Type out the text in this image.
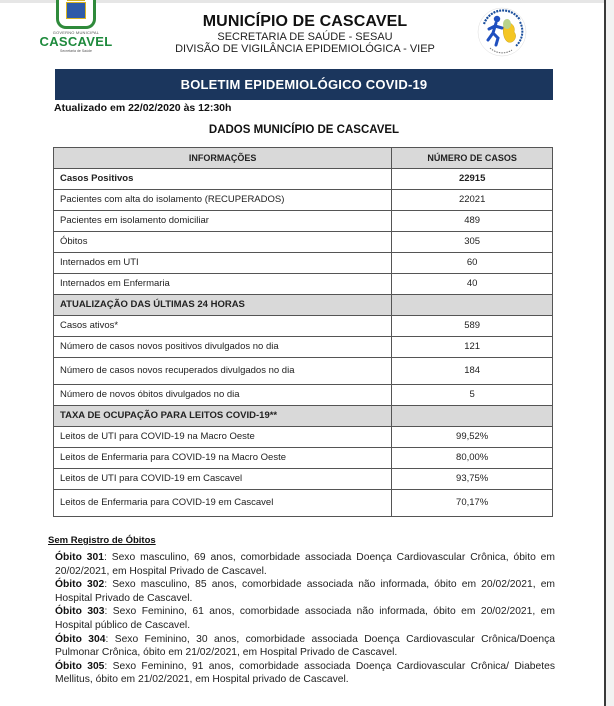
GOVERNO MUNICIPAL
CASCAVEL
Secretaria de Saúde
MUNICÍPIO DE CASCAVEL
SECRETARIA DE SAÚDE - SESAU
DIVISÃO DE VIGILÂNCIA EPIDEMIOLÓGICA - VIEP
BOLETIM EPIDEMIOLÓGICO COVID-19
Atualizado em 22/02/2020 às 12:30h
DADOS MUNICÍPIO DE CASCAVEL
INFORMAÇÕES	NÚMERO DE CASOS
Casos Positivos	22915
Pacientes com alta do isolamento (RECUPERADOS)	22021
Pacientes em isolamento domiciliar	489
Óbitos	305
Internados em UTI	60
Internados em Enfermaria	40
ATUALIZAÇÃO DAS ÚLTIMAS 24 HORAS	
Casos ativos*	589
Número de casos novos positivos divulgados no dia	121
Número de casos novos recuperados divulgados no dia	184
Número de novos óbitos divulgados no dia	5
TAXA DE OCUPAÇÃO PARA LEITOS COVID-19**	
Leitos de UTI para COVID-19 na Macro Oeste	99,52%
Leitos de Enfermaria para COVID-19 na Macro Oeste	80,00%
Leitos de UTI para COVID-19 em Cascavel	93,75%
Leitos de Enfermaria para COVID-19 em Cascavel	70,17%
Sem Registro de Óbitos

Óbito 301: Sexo masculino, 69 anos, comorbidade associada Doença Cardiovascular Crônica, óbito em 20/02/2021, em Hospital Privado de Cascavel.

Óbito 302: Sexo masculino, 85 anos, comorbidade associada não informada, óbito em 20/02/2021, em Hospital Privado de Cascavel.

Óbito 303: Sexo Feminino, 61 anos, comorbidade associada não informada, óbito em 20/02/2021, em Hospital público de Cascavel.

Óbito 304: Sexo Feminino, 30 anos, comorbidade associada Doença Cardiovascular Crônica/Doença Pulmonar Crônica, óbito em 21/02/2021, em Hospital Privado de Cascavel.

Óbito 305: Sexo Feminino, 91 anos, comorbidade associada Doença Cardiovascular Crônica/ Diabetes Mellitus, óbito em 21/02/2021, em Hospital privado de Cascavel.
